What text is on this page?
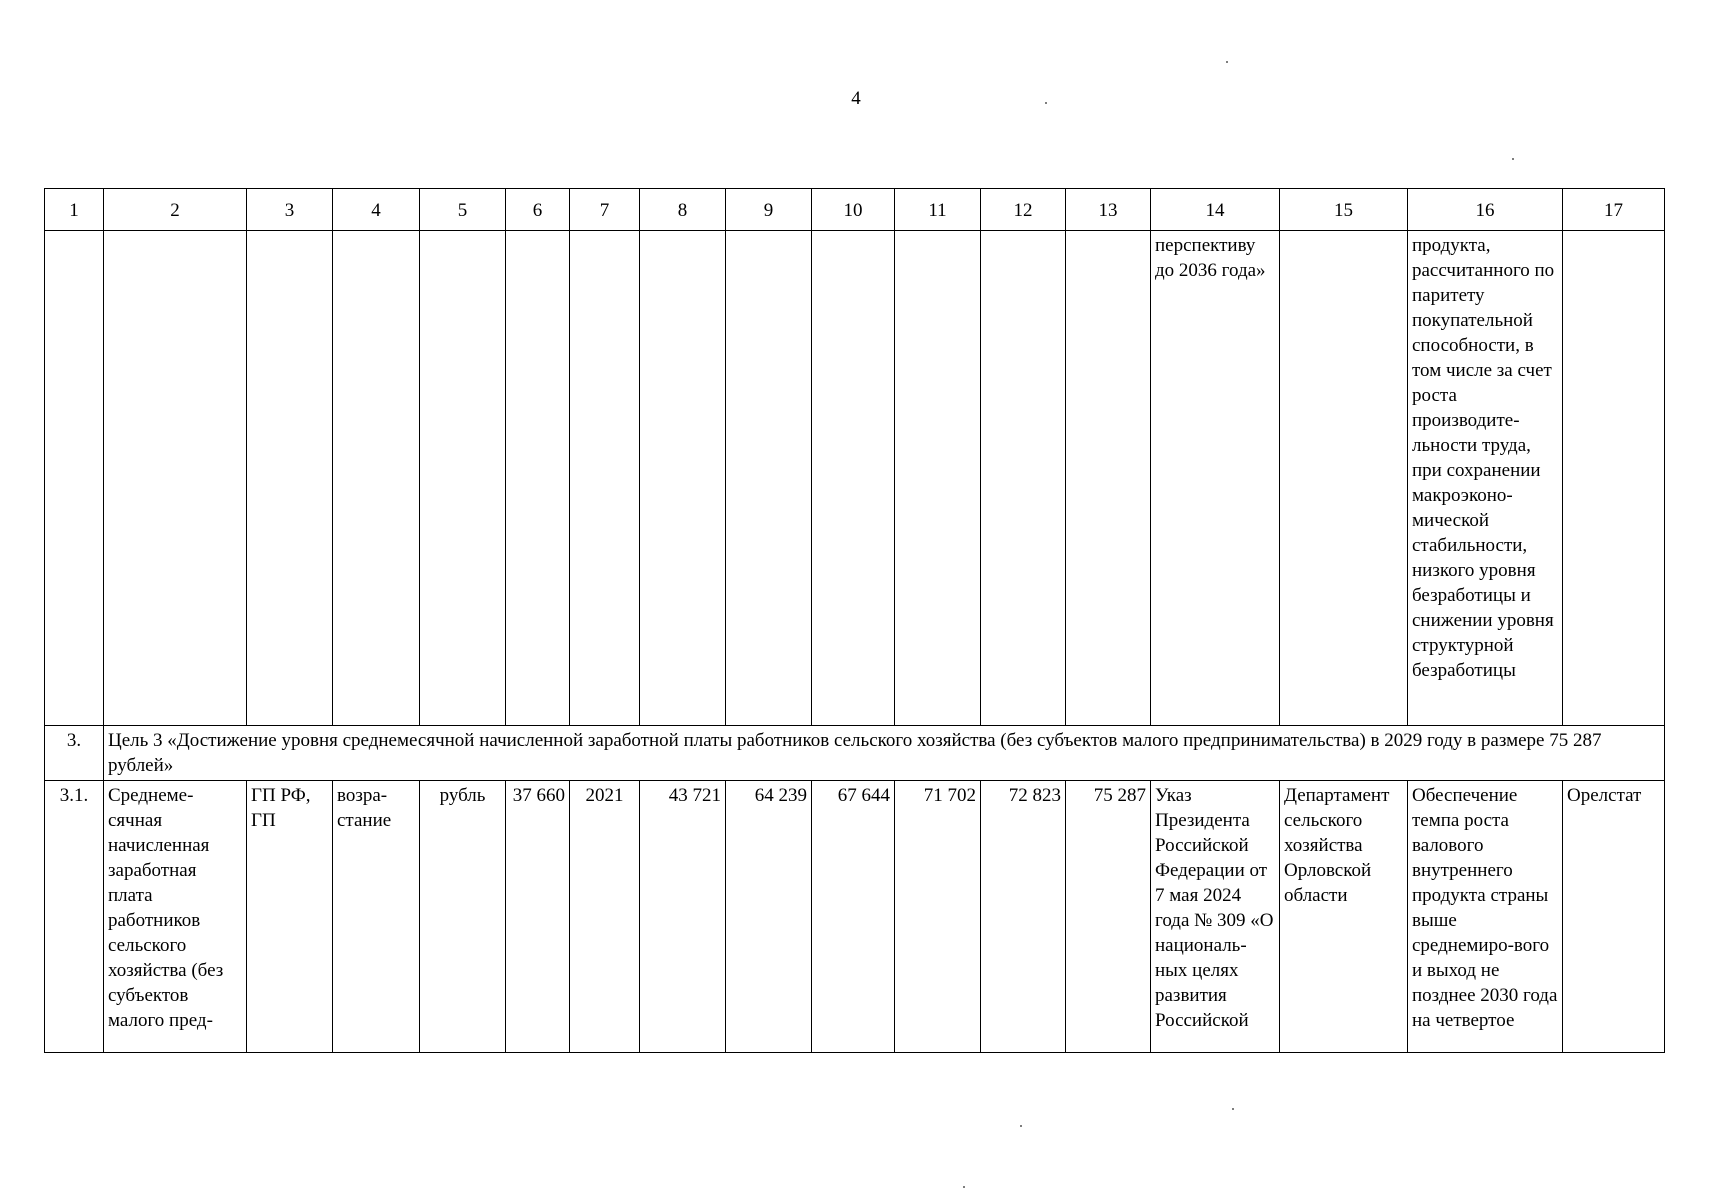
4
1	2	3	4	5	6	7	8	9	10	11	12	13	14	15	16	17
													перспективу до 2036 года»		продукта, рассчитанного по паритету покупательной способности, в том числе за счет роста производите-льности труда, при сохранении макроэконо-мической стабильности, низкого уровня безработицы и снижении уровня структурной безработицы	
3.	Цель 3 «Достижение уровня среднемесячной начисленной заработной платы работников сельского хозяйства (без субъектов малого предпринимательства) в 2029 году в размере 75 287 рублей»															
3.1.	Среднеме-сячная начисленная заработная плата работников сельского хозяйства (без субъектов малого пред-	ГП РФ, ГП	возра-стание	рубль	37 660	2021	43 721	64 239	67 644	71 702	72 823	75 287	Указ Президента Российской Федерации от 7 мая 2024 года № 309 «О националь-ных целях развития Российской	Департамент сельского хозяйства Орловской области	Обеспечение темпа роста валового внутреннего продукта страны выше среднемиро-вого и выход не позднее 2030 года на четвертое	Орелстат
